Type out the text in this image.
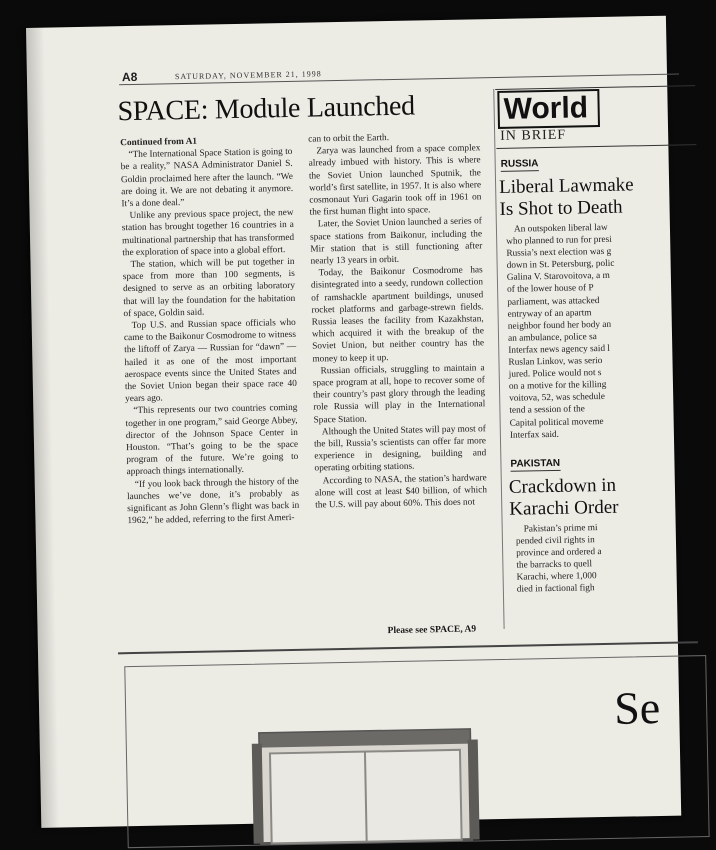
A8	SATURDAY, NOVEMBER 21, 1998
SPACE: Module Launched

Continued from A1

“The International Space Station is going to be a reality,” NASA Administrator Daniel S. Goldin proclaimed here after the launch. “We are doing it. We are not debating it anymore. It’s a done deal.”

Unlike any previous space project, the new station has brought together 16 countries in a multinational partnership that has transformed the exploration of space into a global effort.

The station, which will be put together in space from more than 100 segments, is designed to serve as an orbiting laboratory that will lay the foundation for the habitation of space, Goldin said.

Top U.S. and Russian space officials who came to the Baikonur Cosmodrome to witness the liftoff of Zarya — Russian for “dawn” — hailed it as one of the most important aerospace events since the United States and the Soviet Union began their space race 40 years ago.

“This represents our two countries coming together in one program,” said George Abbey, director of the Johnson Space Center in Houston. “That’s going to be the space program of the future. We’re going to approach things internationally.

“If you look back through the history of the launches we’ve done, it’s probably as significant as John Glenn’s flight was back in 1962,” he added, referring to the first Ameri-

can to orbit the Earth.

Zarya was launched from a space complex already imbued with history. This is where the Soviet Union launched Sputnik, the world’s first satellite, in 1957. It is also where cosmonaut Yuri Gagarin took off in 1961 on the first human flight into space.

Later, the Soviet Union launched a series of space stations from Baikonur, including the Mir station that is still functioning after nearly 13 years in orbit.

Today, the Baikonur Cosmodrome has disintegrated into a seedy, rundown collection of ramshackle apartment buildings, unused rocket platforms and garbage-strewn fields. Russia leases the facility from Kazakhstan, which acquired it with the breakup of the Soviet Union, but neither country has the money to keep it up.

Russian officials, struggling to maintain a space program at all, hope to recover some of their country’s past glory through the leading role Russia will play in the International Space Station.

Although the United States will pay most of the bill, Russia’s scientists can offer far more experience in designing, building and operating orbiting stations.

According to NASA, the station’s hardware alone will cost at least $40 billion, of which the U.S. will pay about 60%. This does not

Please see SPACE, A9
World
IN BRIEF
RUSSIA
Liberal Lawmake
Is Shot to Death
An outspoken liberal law
who planned to run for presi
Russia’s next election was g
down in St. Petersburg, polic
Galina V. Starovoitova, a m
of the lower house of P
parliament, was attacked
entryway of an apartm
neighbor found her body an
an ambulance, police sa
Interfax news agency said l
Ruslan Linkov, was serio
jured. Police would not s
on a motive for the killing
voitova, 52, was schedule
tend a session of the
Capital political moveme
Interfax said.
PAKISTAN
Crackdown in
Karachi Order
Pakistan’s prime mi
pended civil rights in
province and ordered a
the barracks to quell
Karachi, where 1,000
died in factional figh
Se
